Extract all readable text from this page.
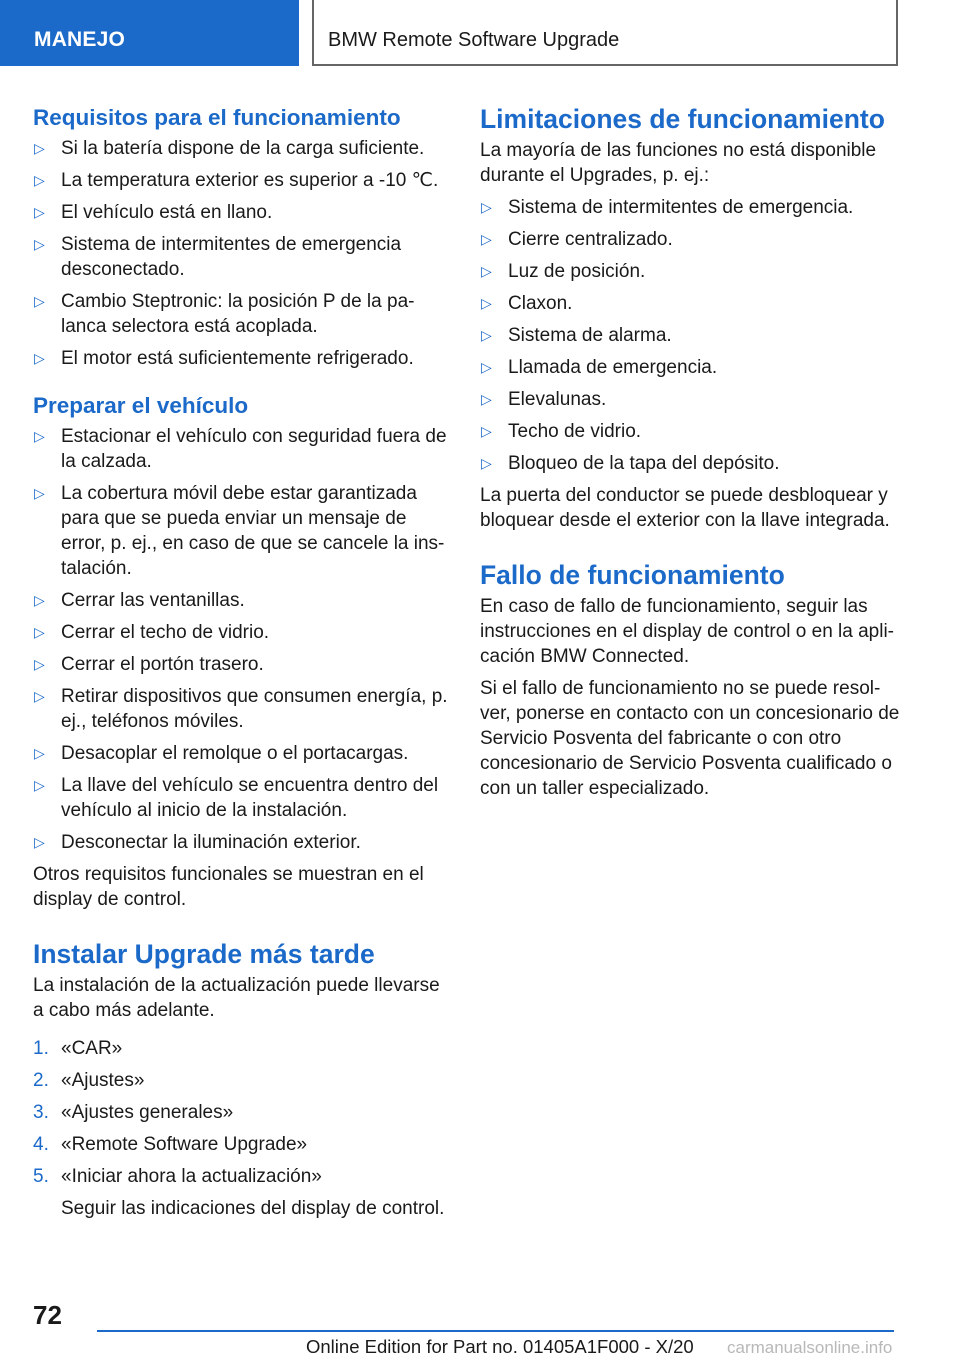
MANEJO	BMW Remote Software Upgrade
Requisitos para el funcionamiento
▷ Si la batería dispone de la carga suficiente.
▷ La temperatura exterior es superior a -10 ℃.
▷ El vehículo está en llano.
▷ Sistema de intermitentes de emergencia desconectado.
▷ Cambio Steptronic: la posición P de la pa‐lanca selectora está acoplada.
▷ El motor está suficientemente refrigerado.
Preparar el vehículo
▷ Estacionar el vehículo con seguridad fuera de la calzada.
▷ La cobertura móvil debe estar garantizada para que se pueda enviar un mensaje de error, p. ej., en caso de que se cancele la ins‐talación.
▷ Cerrar las ventanillas.
▷ Cerrar el techo de vidrio.
▷ Cerrar el portón trasero.
▷ Retirar dispositivos que consumen energía, p. ej., teléfonos móviles.
▷ Desacoplar el remolque o el portacargas.
▷ La llave del vehículo se encuentra dentro del vehículo al inicio de la instalación.
▷ Desconectar la iluminación exterior.

Otros requisitos funcionales se muestran en el display de control.

Instalar Upgrade más tarde

La instalación de la actualización puede llevarse a cabo más adelante.

1. «CAR»
2. «Ajustes»
3. «Ajustes generales»
4. «Remote Software Upgrade»
5. «Iniciar ahora la actualización»

Seguir las indicaciones del display de control.

Limitaciones de funcionamiento

La mayoría de las funciones no está disponible durante el Upgrades, p. ej.:

▷ Sistema de intermitentes de emergencia.
▷ Cierre centralizado.
▷ Luz de posición.
▷ Claxon.
▷ Sistema de alarma.
▷ Llamada de emergencia.
▷ Elevalunas.
▷ Techo de vidrio.
▷ Bloqueo de la tapa del depósito.

La puerta del conductor se puede desbloquear y bloquear desde el exterior con la llave integrada.

Fallo de funcionamiento

En caso de fallo de funcionamiento, seguir las instrucciones en el display de control o en la apli‐cación BMW Connected.

Si el fallo de funcionamiento no se puede resol‐ver, ponerse en contacto con un concesionario de Servicio Posventa del fabricante o con otro concesionario de Servicio Posventa cualificado o con un taller especializado.

72
Online Edition for Part no. 01405A1F000 - X/20 carmanualsonline.info
